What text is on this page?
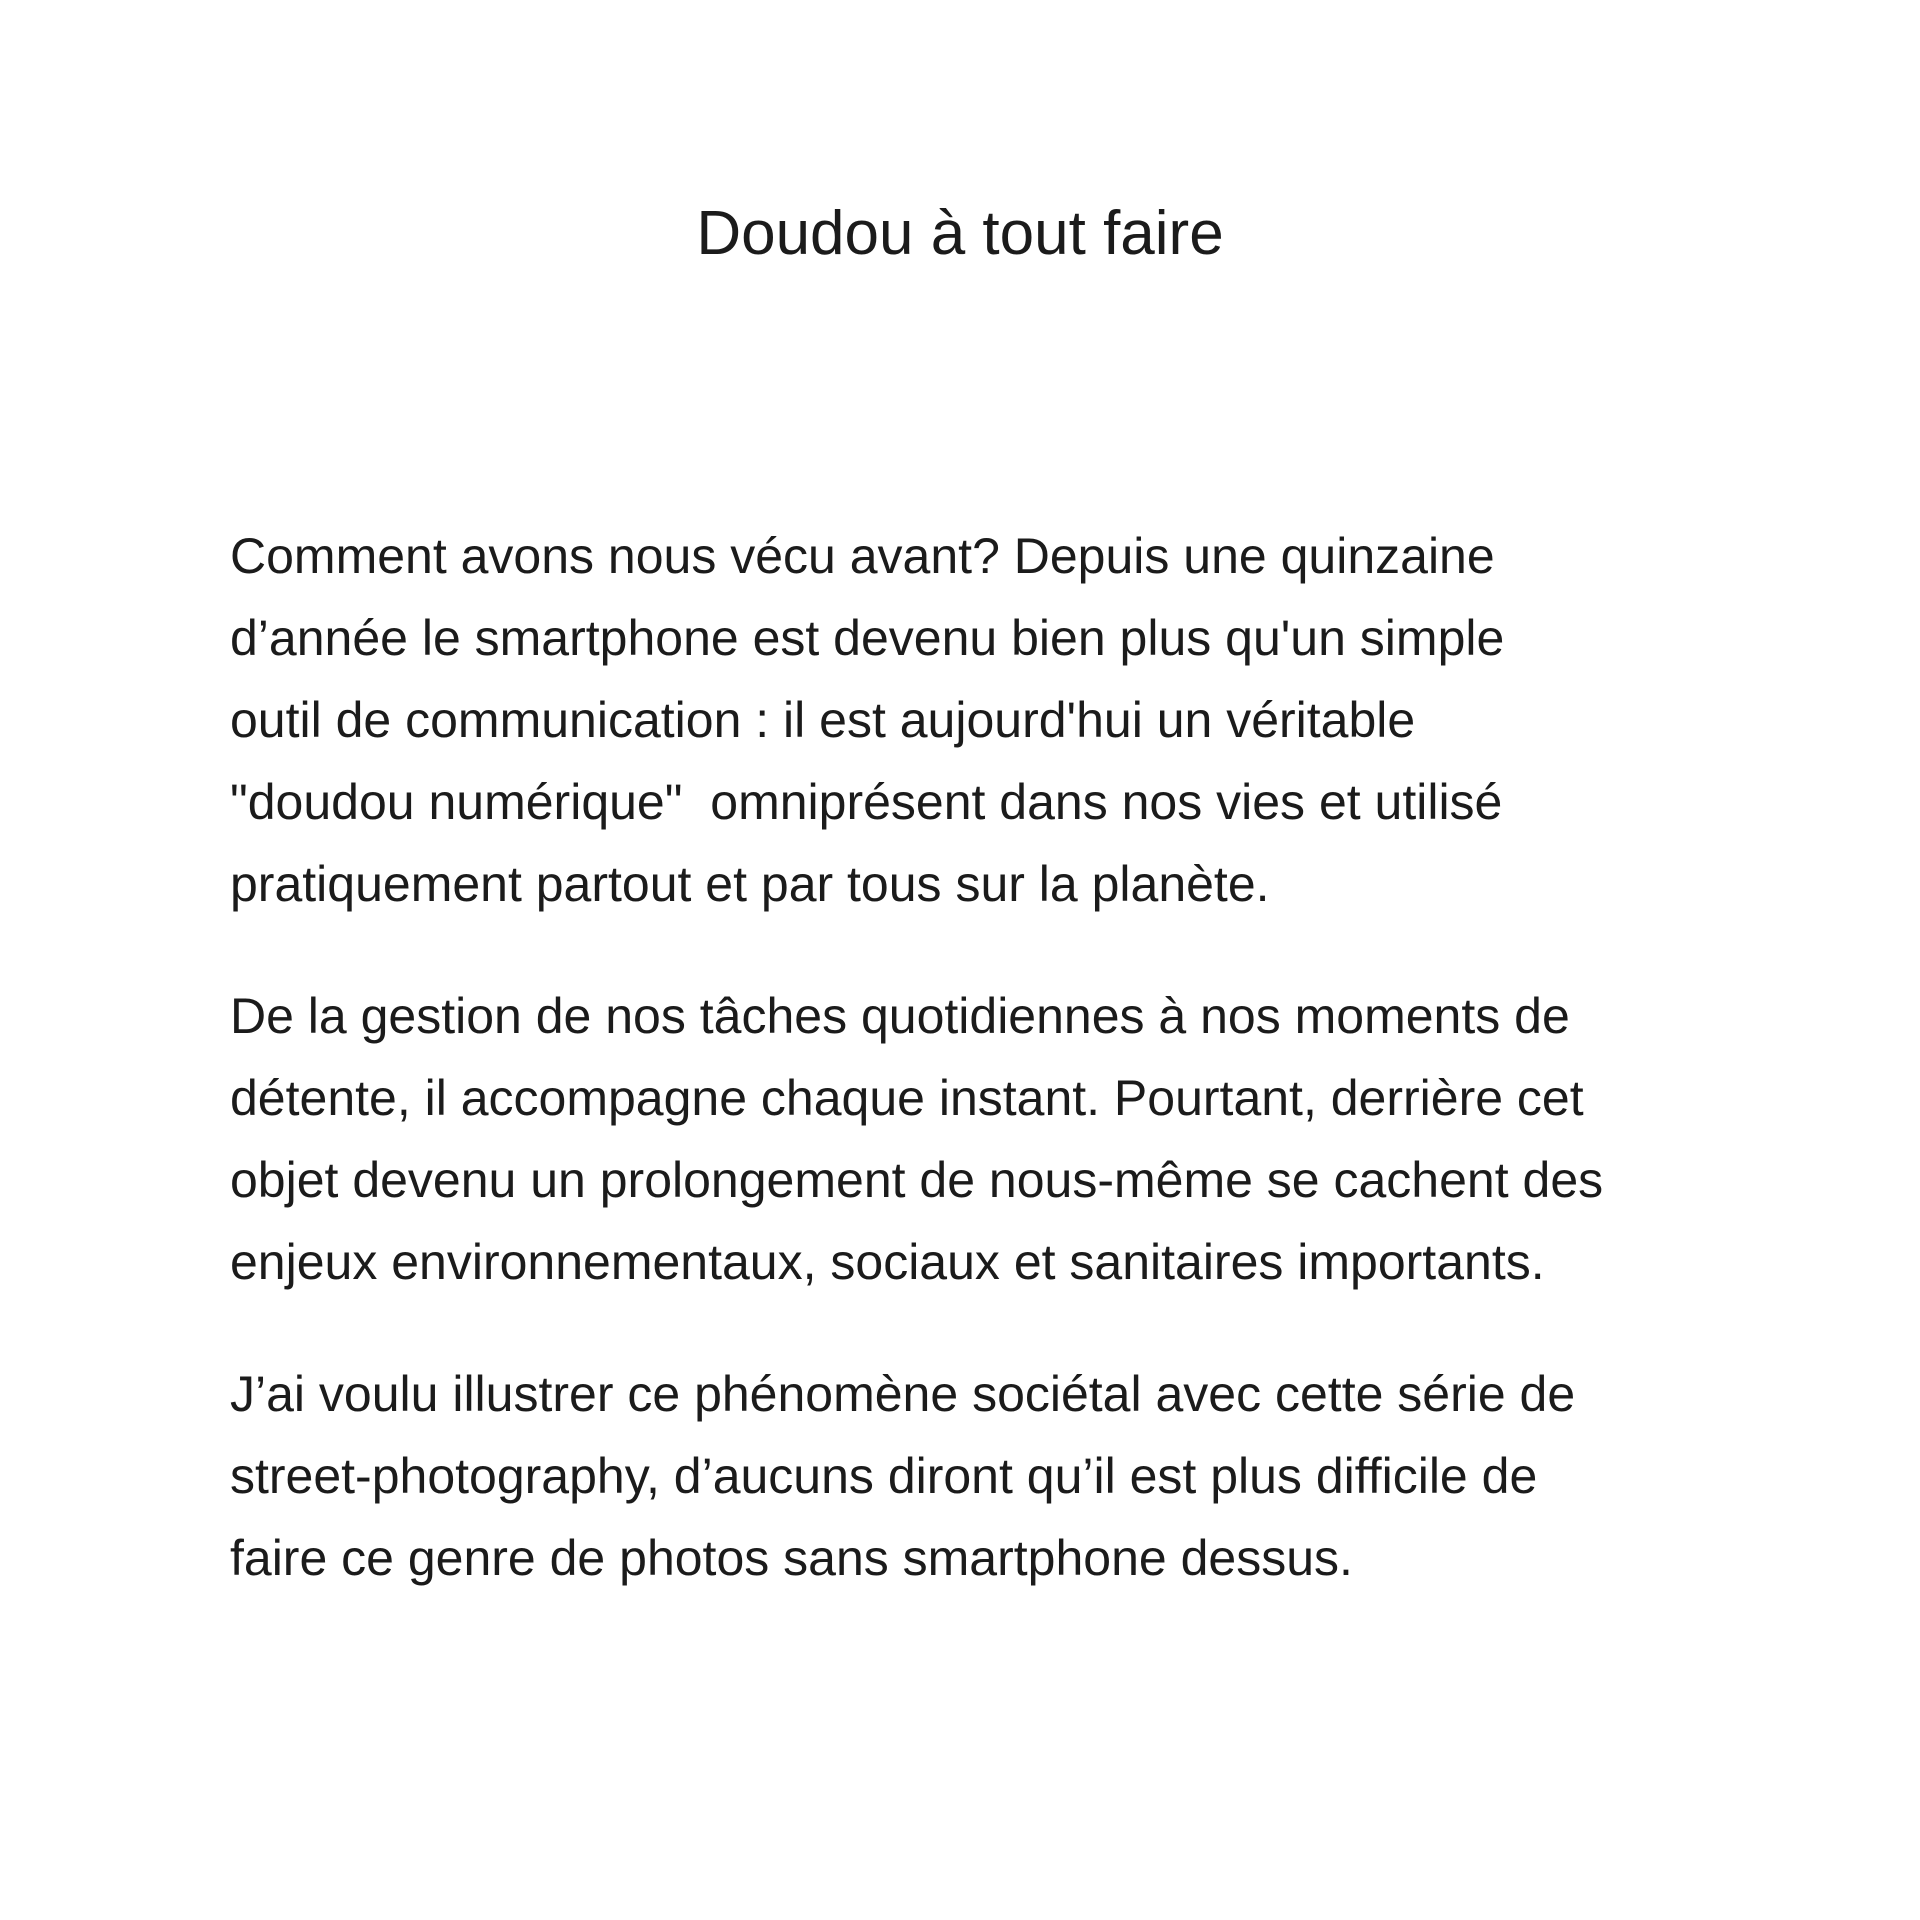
Doudou à tout faire
Comment avons nous vécu avant? Depuis une quinzaine
d’année le smartphone est devenu bien plus qu'un simple
outil de communication : il est aujourd'hui un véritable
"doudou numérique"  omniprésent dans nos vies et utilisé
pratiquement partout et par tous sur la planète.
De la gestion de nos tâches quotidiennes à nos moments de
détente, il accompagne chaque instant. Pourtant, derrière cet
objet devenu un prolongement de nous-même se cachent des
enjeux environnementaux, sociaux et sanitaires importants.
J’ai voulu illustrer ce phénomène sociétal avec cette série de
street-photography, d’aucuns diront qu’il est plus difficile de
faire ce genre de photos sans smartphone dessus.
